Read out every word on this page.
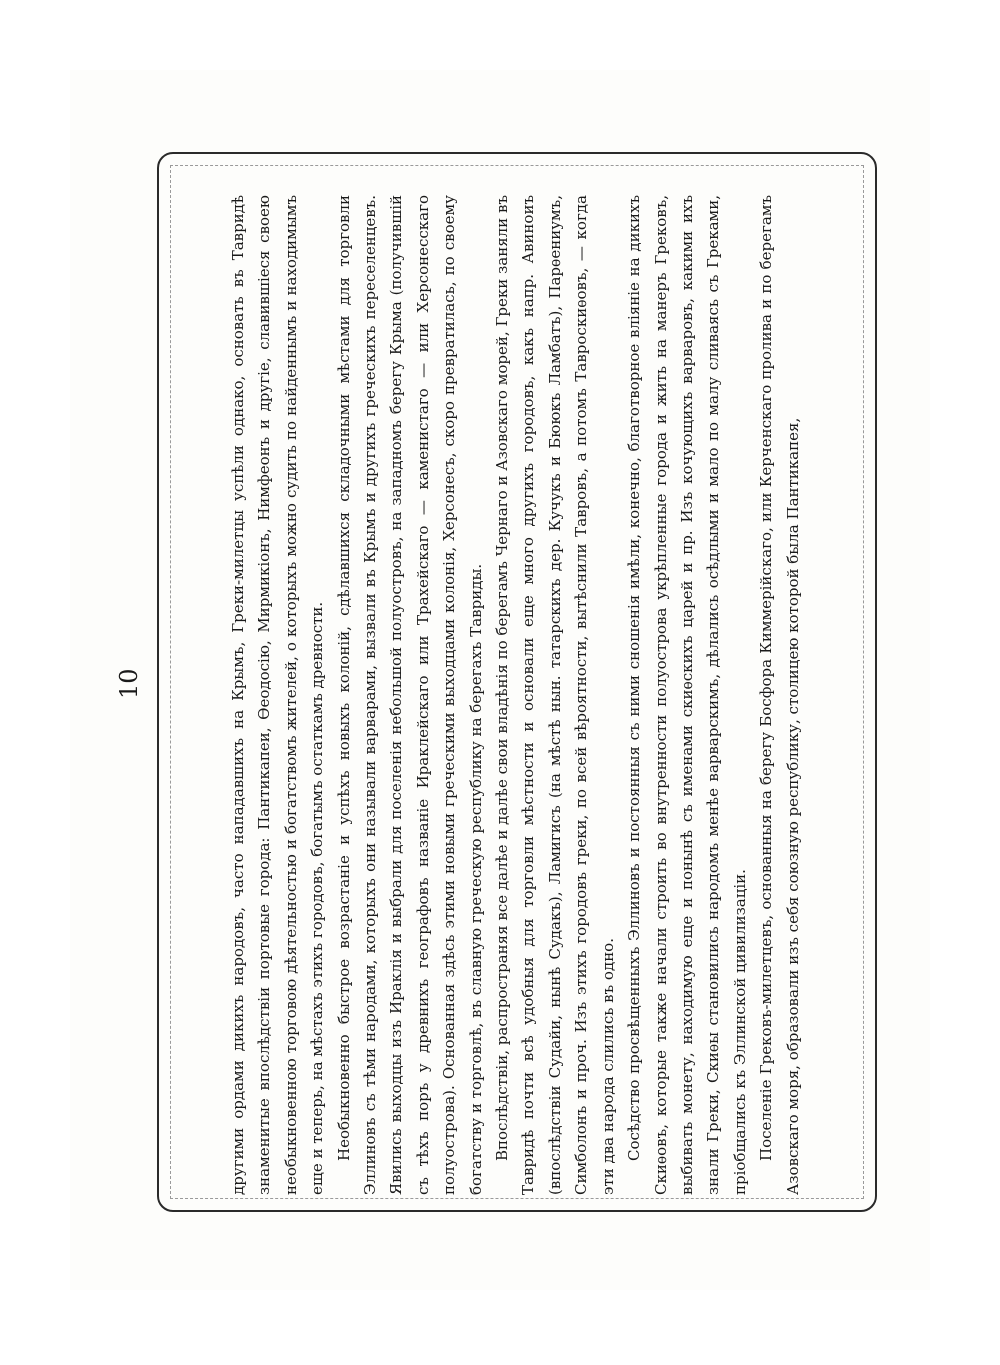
10	другими ордами дикихъ народовъ, часто нападавшихъ на Крымъ, Греки-милетцы успѣли однако, основать въ Тавридѣ знаменитые впослѣдствіи портовые города: Пантикапеи, Ѳеодосію, Мирмикіонъ, Нимфеонъ и другіе, славившіеся своею необыкновенною торговою дѣятельностью и богатствомъ жителей, о которыхъ можно судить по найденнымъ и находимымъ еще и теперь, на мѣстахъ этихъ городовъ, богатымъ остаткамъ древности. Необыкновенно быстрое возрастаніе и успѣхъ новыхъ колоній, сдѣлавшихся складочными мѣстами для торговли Эллиновъ съ тѣми народами, которыхъ они называли варварами, вызвали въ Крымъ и другихъ греческихъ переселенцевъ. Явились выходцы изъ Ираклія и выбрали для поселенія небольшой полуостровъ, на западномъ берегу Крыма (получившій съ тѣхъ поръ у древнихъ географовъ названіе Ираклейскаго или Трахейскаго — каменистаго — или Херсонесскаго полуострова). Основанная здѣсь этими новыми греческими выходцами колонія, Херсонесъ, скоро превратилась, по своему богатству и торговлѣ, въ славную греческую республику на берегахъ Тавриды. Впослѣдствіи, распространяя все далѣе и далѣе свои владѣнія по берегамъ Чернаго и Азовскаго морей, Греки заняли въ Тавридѣ почти всѣ удобныя для торговли мѣстности и основали еще много другихъ городовъ, какъ напр. Авиноиъ (впослѣдствіи Судайи, нынѣ Судакъ), Ламигисъ (на мѣстѣ нын. татарскихъ дер. Кучукъ и Бююкъ Ламбатъ), Парѳениумъ, Симболонъ и проч. Изъ этихъ городовъ греки, по всей вѣроятности, вытѣснили Тавровъ, а потомъ Тавроскиѳовъ, — когда эти два народа слились въ одно. Сосѣдство просвѣщенныхъ Эллиновъ и постоянныя съ ними сношенія имѣли, конечно, благотворное вліяніе на дикихъ Скиѳовъ, которые также начали строить во внутренности полуострова укрѣпленные города и жить на манеръ Грековъ, выбивать монету, находимую еще и понынѣ съ именами скиѳскихъ царей и пр. Изъ кочующихъ варваровъ, какими ихъ знали Греки, Скиѳы становились народомъ менѣе варварскимъ, дѣлались осѣдлыми и мало по малу сливаясь съ Греками, пріобщались къ Эллинской цивилизаціи. Поселеніе Грековъ-милетцевъ, основанныя на берегу Босфора Киммерійскаго, или Керченскаго пролива и по берегамъ Азовскаго моря, образовали изъ себя союзную республику, столицею которой была Пантикапея,
